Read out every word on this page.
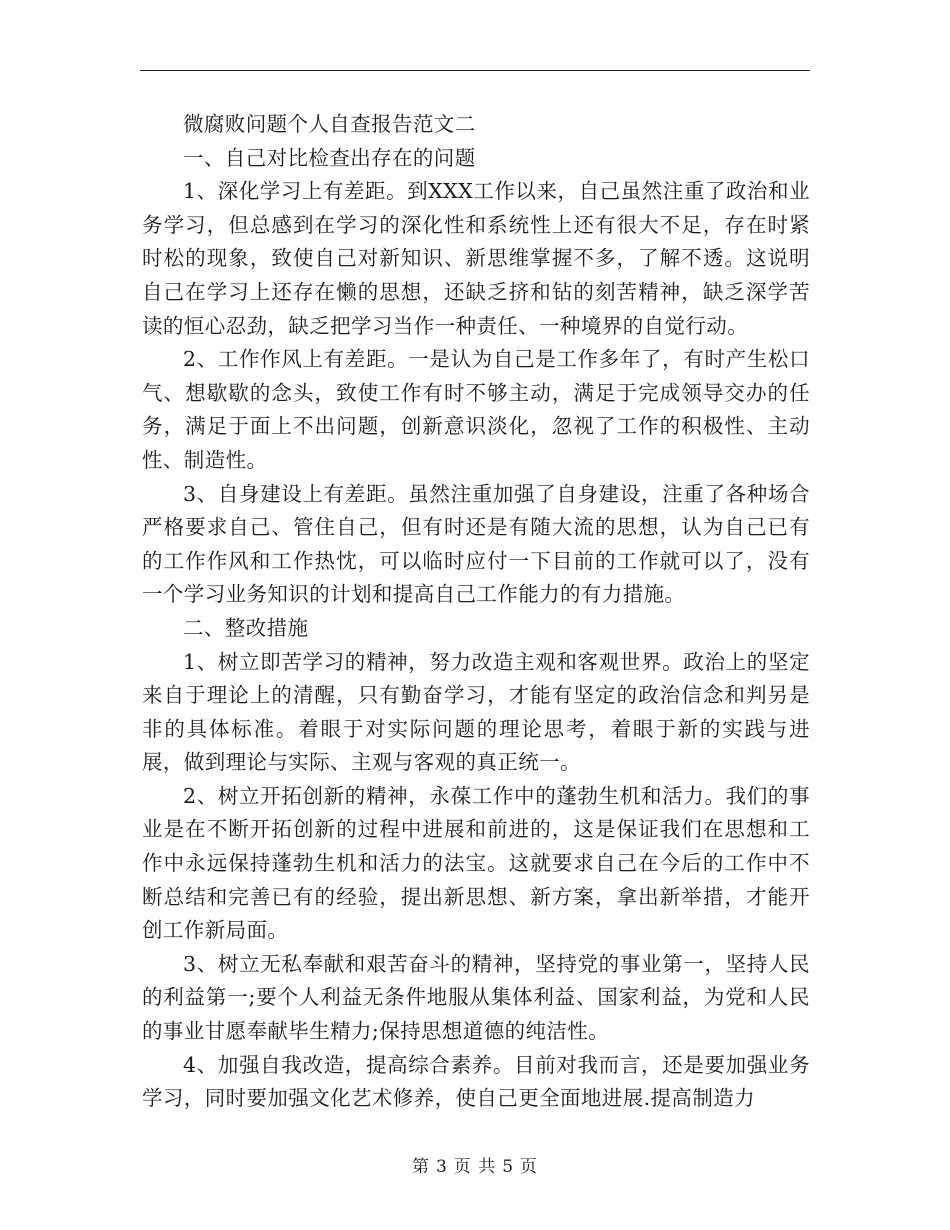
微腐败问题个人自查报告范文二

一、自己对比检查出存在的问题

1、深化学习上有差距。到XXX工作以来，自己虽然注重了政治和业务学习，但总感到在学习的深化性和系统性上还有很大不足，存在时紧时松的现象，致使自己对新知识、新思维掌握不多，了解不透。这说明自己在学习上还存在懒的思想，还缺乏挤和钻的刻苦精神，缺乏深学苦读的恒心忍劲，缺乏把学习当作一种责任、一种境界的自觉行动。

2、工作作风上有差距。一是认为自己是工作多年了，有时产生松口气、想歇歇的念头，致使工作有时不够主动，满足于完成领导交办的任务，满足于面上不出问题，创新意识淡化，忽视了工作的积极性、主动性、制造性。

3、自身建设上有差距。虽然注重加强了自身建设，注重了各种场合严格要求自己、管住自己，但有时还是有随大流的思想，认为自己已有的工作作风和工作热忱，可以临时应付一下目前的工作就可以了，没有一个学习业务知识的计划和提高自己工作能力的有力措施。

二、整改措施

1、树立即苦学习的精神，努力改造主观和客观世界。政治上的坚定来自于理论上的清醒，只有勤奋学习，才能有坚定的政治信念和判另是非的具体标准。着眼于对实际问题的理论思考，着眼于新的实践与进展，做到理论与实际、主观与客观的真正统一。

2、树立开拓创新的精神，永葆工作中的蓬勃生机和活力。我们的事业是在不断开拓创新的过程中进展和前进的，这是保证我们在思想和工作中永远保持蓬勃生机和活力的法宝。这就要求自己在今后的工作中不断总结和完善已有的经验，提出新思想、新方案，拿出新举措，才能开创工作新局面。

3、树立无私奉献和艰苦奋斗的精神，坚持党的事业第一，坚持人民的利益第一;要个人利益无条件地服从集体利益、国家利益，为党和人民的事业甘愿奉献毕生精力;保持思想道德的纯洁性。

4、加强自我改造，提高综合素养。目前对我而言，还是要加强业务学习，同时要加强文化艺术修养，使自己更全面地进展.提高制造力

第 3 页 共 5 页
